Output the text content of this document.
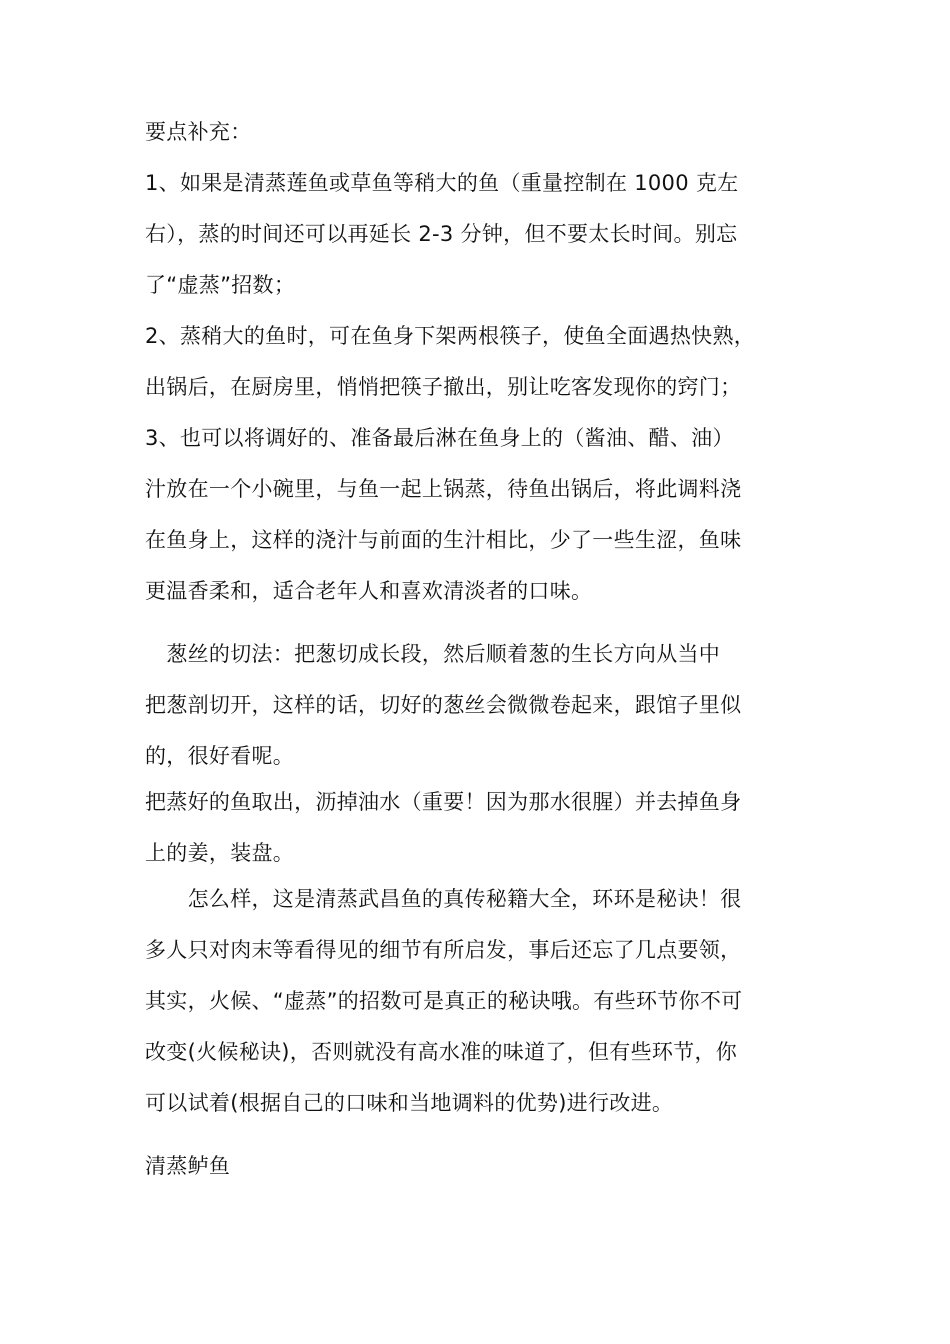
要点补充：

1、如果是清蒸莲鱼或草鱼等稍大的鱼（重量控制在 1000 克左

右），蒸的时间还可以再延长 2-3 分钟，但不要太长时间。别忘

了“虚蒸”招数；

2、蒸稍大的鱼时，可在鱼身下架两根筷子，使鱼全面遇热快熟，

出锅后，在厨房里，悄悄把筷子撤出，别让吃客发现你的窍门；

3、也可以将调好的、准备最后淋在鱼身上的（酱油、醋、油）

汁放在一个小碗里，与鱼一起上锅蒸，待鱼出锅后，将此调料浇

在鱼身上，这样的浇汁与前面的生汁相比，少了一些生涩，鱼味

更温香柔和，适合老年人和喜欢清淡者的口味。

　葱丝的切法：把葱切成长段，然后顺着葱的生长方向从当中

把葱剖切开，这样的话，切好的葱丝会微微卷起来，跟馆子里似

的，很好看呢。

把蒸好的鱼取出，沥掉油水（重要！因为那水很腥）并去掉鱼身

上的姜，装盘。

　　怎么样，这是清蒸武昌鱼的真传秘籍大全，环环是秘诀！很

多人只对肉末等看得见的细节有所启发，事后还忘了几点要领，

其实，火候、“虚蒸”的招数可是真正的秘诀哦。有些环节你不可

改变(火候秘诀)，否则就没有高水准的味道了，但有些环节，你

可以试着(根据自己的口味和当地调料的优势)进行改进。

清蒸鲈鱼
